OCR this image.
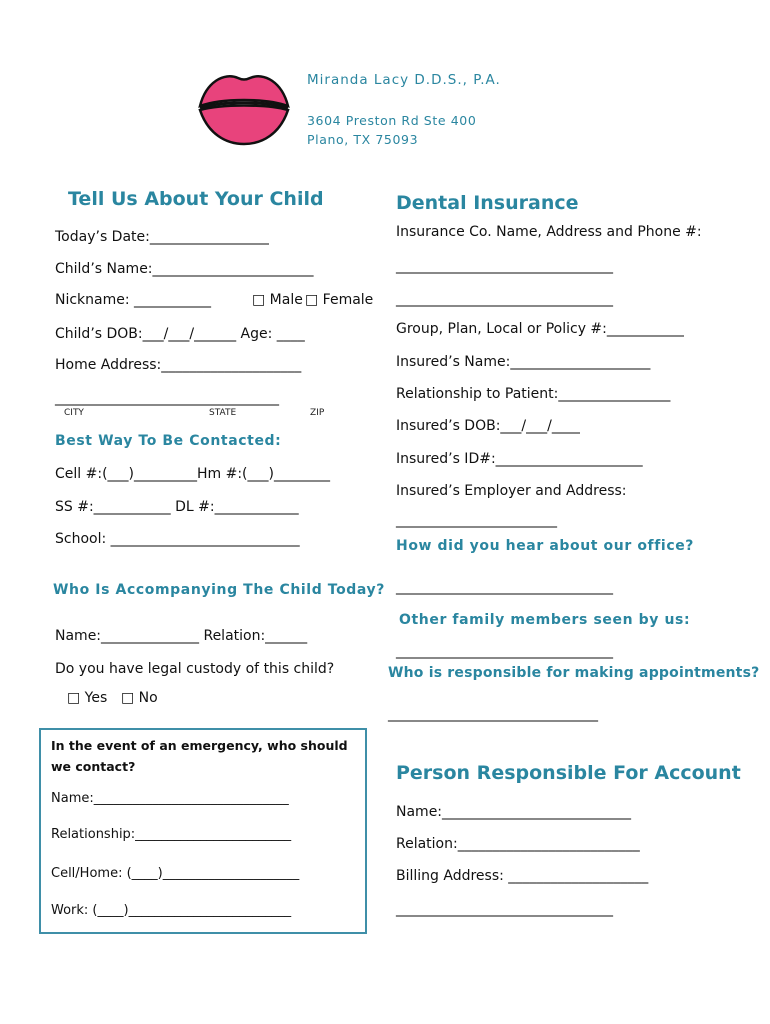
Miranda Lacy D.D.S., P.A.
3604 Preston Rd Ste 400
Plano, TX 75093
Tell Us About Your Child
Today’s Date:_________________
Child’s Name:_______________________
Nickname: ___________	□ Male □ Female
Child’s DOB:___/___/______ Age: ____
Home Address:____________________
________________________________
CITY	STATE	ZIP
Best Way To Be Contacted:
Cell #:(___)_________Hm #:(___)________
SS #:___________ DL #:____________
School: ___________________________
Who Is Accompanying The Child Today?
Name:______________ Relation:______
Do you have legal custody of this child?
□ Yes □ No
In the event of an emergency, who should we contact?
Name:______________________________
Relationship:________________________
Cell/Home: (____)_____________________
Work: (____)_________________________
Dental Insurance
Insurance Co. Name, Address and Phone #:
_______________________________
_______________________________
Group, Plan, Local or Policy #:___________
Insured’s Name:____________________
Relationship to Patient:________________
Insured’s DOB:___/___/____
Insured’s ID#:_____________________
Insured’s Employer and Address:
_______________________
How did you hear about our office?
_______________________________
Other family members seen by us:
_______________________________
Who is responsible for making appointments?
______________________________
Person Responsible For Account
Name:___________________________
Relation:__________________________
Billing Address: ____________________
_______________________________
